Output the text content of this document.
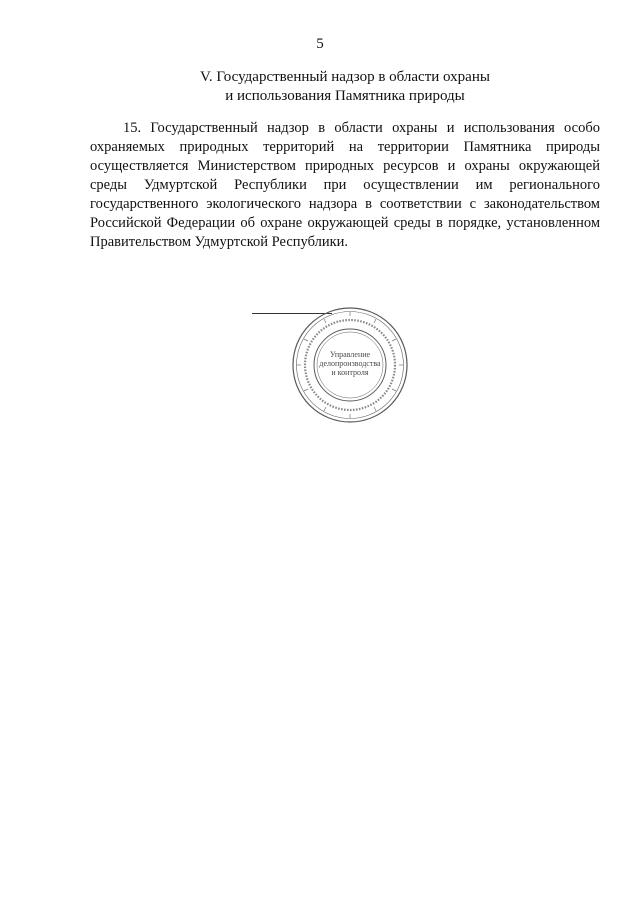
5
V. Государственный надзор в области охраны
и использования Памятника природы

15. Государственный надзор в области охраны и использования особо охраняемых природных территорий на территории Памятника природы осуществляется Министерством природных ресурсов и охраны окружающей среды Удмуртской Республики при осуществлении им регионального государственного экологического надзора в соответствии с законодательством Российской Федерации об охране окружающей среды в порядке, установленном Правительством Удмуртской Республики.

Управление
делопроизводства
и контроля
